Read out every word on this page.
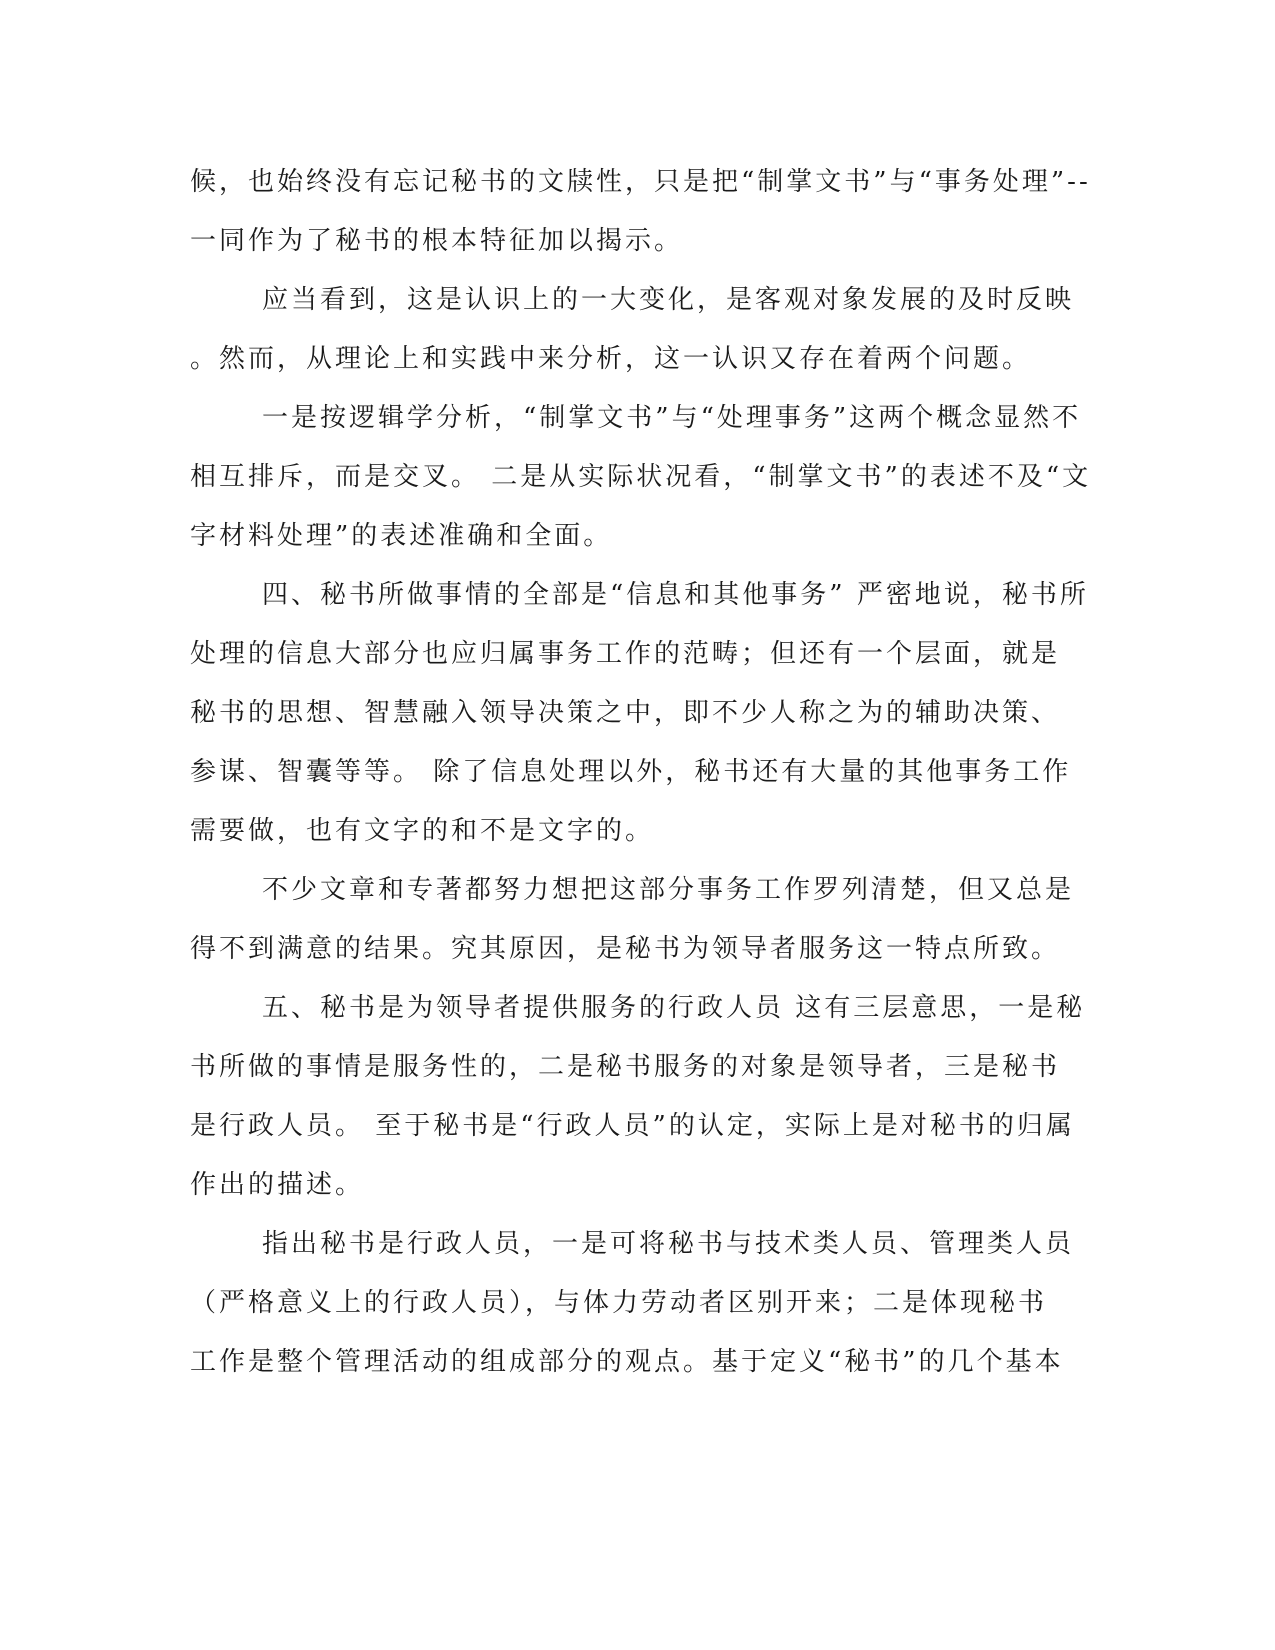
候，也始终没有忘记秘书的文牍性，只是把“制掌文书”与“事务处理”--

一同作为了秘书的根本特征加以揭示。

应当看到，这是认识上的一大变化，是客观对象发展的及时反映

。然而，从理论上和实践中来分析，这一认识又存在着两个问题。

一是按逻辑学分析，“制掌文书”与“处理事务”这两个概念显然不

相互排斥，而是交叉。 二是从实际状况看，“制掌文书”的表述不及“文

字材料处理”的表述准确和全面。

四、秘书所做事情的全部是“信息和其他事务” 严密地说，秘书所

处理的信息大部分也应归属事务工作的范畴；但还有一个层面，就是

秘书的思想、智慧融入领导决策之中，即不少人称之为的辅助决策、

参谋、智囊等等。 除了信息处理以外，秘书还有大量的其他事务工作

需要做，也有文字的和不是文字的。

不少文章和专著都努力想把这部分事务工作罗列清楚，但又总是

得不到满意的结果。究其原因，是秘书为领导者服务这一特点所致。

五、秘书是为领导者提供服务的行政人员 这有三层意思，一是秘

书所做的事情是服务性的，二是秘书服务的对象是领导者，三是秘书

是行政人员。 至于秘书是“行政人员”的认定，实际上是对秘书的归属

作出的描述。

指出秘书是行政人员，一是可将秘书与技术类人员、管理类人员

（严格意义上的行政人员），与体力劳动者区别开来；二是体现秘书

工作是整个管理活动的组成部分的观点。基于定义“秘书”的几个基本
